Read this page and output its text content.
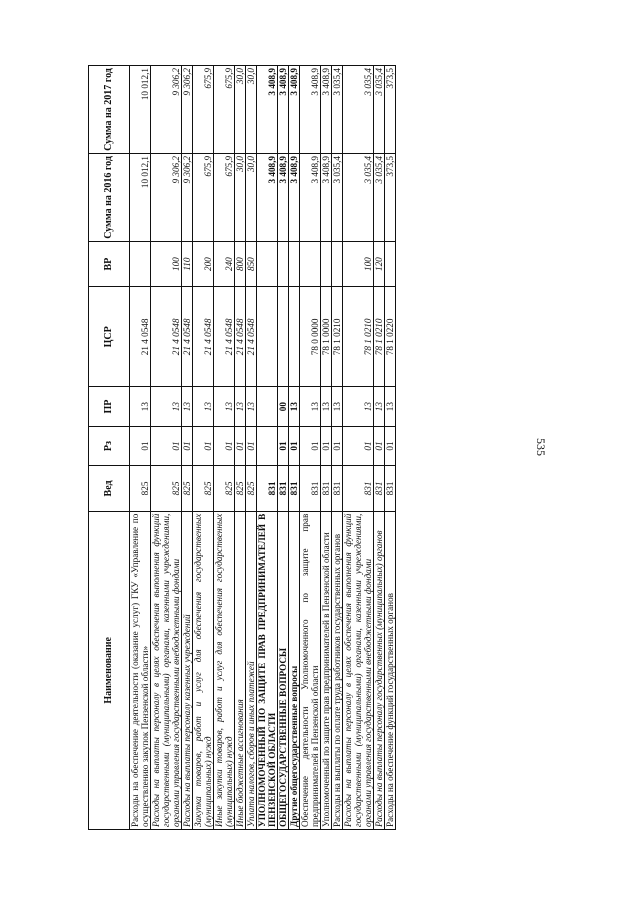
535
Наименование	Вед	Рз	ПР	ЦСР	ВР	Сумма на 2016 год	Сумма на 2017 год
Расходы на обеспечение деятельности (оказание услуг) ГКУ «Управление по осуществлению закупок Пензенской области»	825	01	13	21 4 0548		10 012,1	10 012,1
Расходы на выплаты персоналу в целях обеспечения выполнения функций государственными (муниципальными) органами, казенными учреждениями, органами управления государственными внебюджетными фондами	825	01	13	21 4 0548	100	9 306,2	9 306,2
Расходы на выплаты персоналу казенных учреждений	825	01	13	21 4 0548	110	9 306,2	9 306,2
Закупка товаров, работ и услуг для обеспечения государственных (муниципальных) нужд	825	01	13	21 4 0548	200	675,9	675,9
Иные закупки товаров, работ и услуг для обеспечения государственных (муниципальных) нужд	825	01	13	21 4 0548	240	675,9	675,9
Иные бюджетные ассигнования	825	01	13	21 4 0548	800	30,0	30,0
Уплата налогов, сборов и иных платежей	825	01	13	21 4 0548	850	30,0	30,0
УПОЛНОМОЧЕННЫЙ ПО ЗАЩИТЕ ПРАВ ПРЕДПРИНИМАТЕЛЕЙ В ПЕНЗЕНСКОЙ ОБЛАСТИ	831					3 408,9	3 408,9
ОБЩЕГОСУДАРСТВЕННЫЕ ВОПРОСЫ	831	01	00			3 408,9	3 408,9
Другие общегосударственные вопросы	831	01	13			3 408,9	3 408,9
Обеспечение деятельности Уполномоченного по защите прав предпринимателей в Пензенской области	831	01	13	78 0 0000		3 408,9	3 408,9
Уполномоченный по защите прав предпринимателей в Пензенской области	831	01	13	78 1 0000		3 408,9	3 408,9
Расходы на выплаты по оплате труда работников государственных органов	831	01	13	78 1 0210		3 035,4	3 035,4
Расходы на выплаты персоналу в целях обеспечения выполнения функций государственными (муниципальными) органами, казенными учреждениями, органами управления государственными внебюджетными фондами	831	01	13	78 1 0210	100	3 035,4	3 035,4
Расходы на выплаты персоналу государственных (муниципальных) органов	831	01	13	78 1 0210	120	3 035,4	3 035,4
Расходы на обеспечение функций государственных органов	831	01	13	78 1 0220		373,5	373,5
